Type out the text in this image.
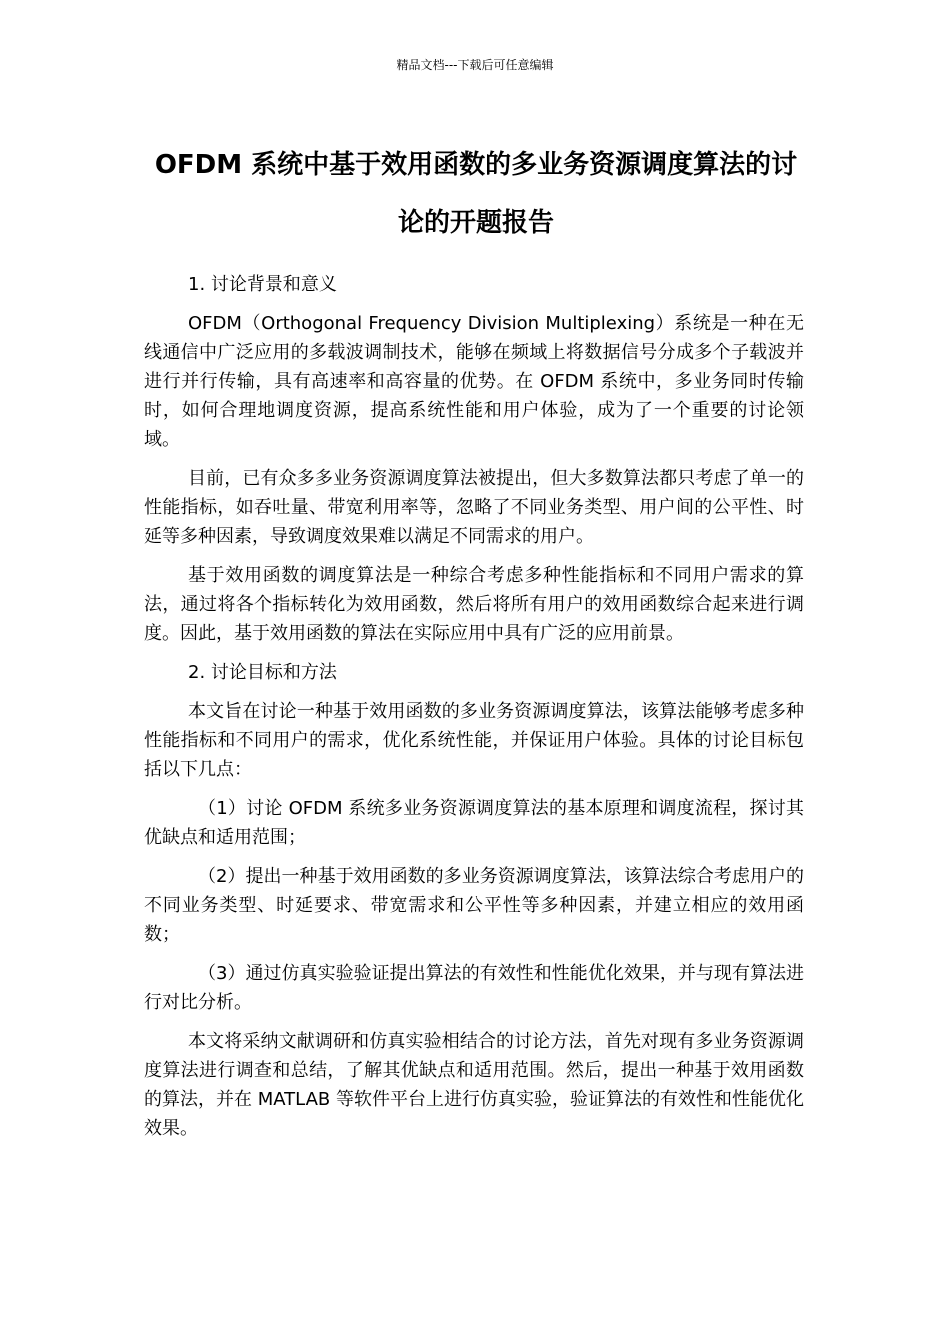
精品文档---下载后可任意编辑
OFDM 系统中基于效用函数的多业务资源调度算法的讨论的开题报告

1. 讨论背景和意义

OFDM（Orthogonal Frequency Division Multiplexing）系统是一种在无线通信中广泛应用的多载波调制技术，能够在频域上将数据信号分成多个子载波并进行并行传输，具有高速率和高容量的优势。在 OFDM 系统中，多业务同时传输时，如何合理地调度资源，提高系统性能和用户体验，成为了一个重要的讨论领域。

目前，已有众多多业务资源调度算法被提出，但大多数算法都只考虑了单一的性能指标，如吞吐量、带宽利用率等，忽略了不同业务类型、用户间的公平性、时延等多种因素，导致调度效果难以满足不同需求的用户。

基于效用函数的调度算法是一种综合考虑多种性能指标和不同用户需求的算法，通过将各个指标转化为效用函数，然后将所有用户的效用函数综合起来进行调度。因此，基于效用函数的算法在实际应用中具有广泛的应用前景。

2. 讨论目标和方法

本文旨在讨论一种基于效用函数的多业务资源调度算法，该算法能够考虑多种性能指标和不同用户的需求，优化系统性能，并保证用户体验。具体的讨论目标包括以下几点：

（1）讨论 OFDM 系统多业务资源调度算法的基本原理和调度流程，探讨其优缺点和适用范围；

（2）提出一种基于效用函数的多业务资源调度算法，该算法综合考虑用户的不同业务类型、时延要求、带宽需求和公平性等多种因素，并建立相应的效用函数；

（3）通过仿真实验验证提出算法的有效性和性能优化效果，并与现有算法进行对比分析。

本文将采纳文献调研和仿真实验相结合的讨论方法，首先对现有多业务资源调度算法进行调查和总结，了解其优缺点和适用范围。然后，提出一种基于效用函数的算法，并在 MATLAB 等软件平台上进行仿真实验，验证算法的有效性和性能优化效果。
